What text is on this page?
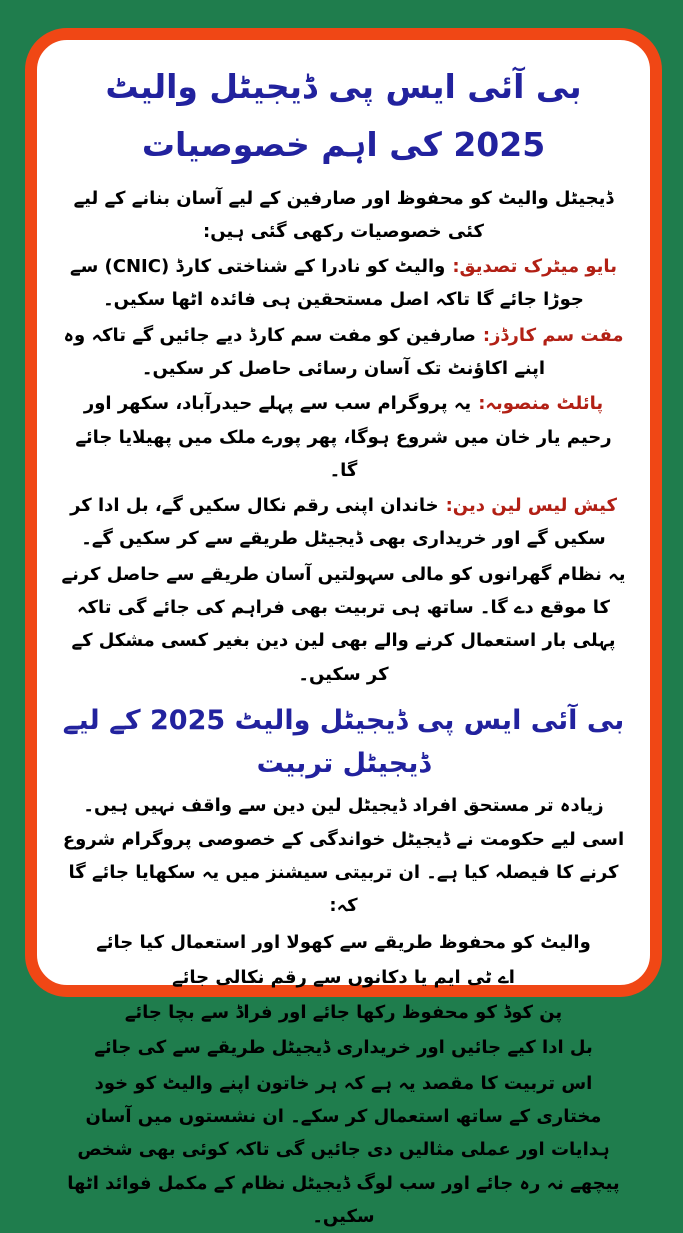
بی آئی ایس پی ڈیجیٹل والیٹ 2025 کی اہم خصوصیات

ڈیجیٹل والیٹ کو محفوظ اور صارفین کے لیے آسان بنانے کے لیے کئی خصوصیات رکھی گئی ہیں:

بایو میٹرک تصدیق:والیٹ کو نادرا کے شناختی کارڈ (CNIC) سے جوڑا جائے گا تاکہ اصل مستحقین ہی فائدہ اٹھا سکیں۔

مفت سم کارڈز:صارفین کو مفت سم کارڈ دیے جائیں گے تاکہ وہ اپنے اکاؤنٹ تک آسان رسائی حاصل کر سکیں۔

پائلٹ منصوبہ:یہ پروگرام سب سے پہلے حیدرآباد، سکھر اور رحیم یار خان میں شروع ہوگا، پھر پورے ملک میں پھیلایا جائے گا۔

کیش لیس لین دین:خاندان اپنی رقم نکال سکیں گے، بل ادا کر سکیں گے اور خریداری بھی ڈیجیٹل طریقے سے کر سکیں گے۔

یہ نظام گھرانوں کو مالی سہولتیں آسان طریقے سے حاصل کرنے کا موقع دے گا۔ ساتھ ہی تربیت بھی فراہم کی جائے گی تاکہ پہلی بار استعمال کرنے والے بھی لین دین بغیر کسی مشکل کے کر سکیں۔

بی آئی ایس پی ڈیجیٹل والیٹ 2025 کے لیے ڈیجیٹل تربیت

زیادہ تر مستحق افراد ڈیجیٹل لین دین سے واقف نہیں ہیں۔ اسی لیے حکومت نے ڈیجیٹل خواندگی کے خصوصی پروگرام شروع کرنے کا فیصلہ کیا ہے۔ ان تربیتی سیشنز میں یہ سکھایا جائے گا کہ:

والیٹ کو محفوظ طریقے سے کھولا اور استعمال کیا جائے
اے ٹی ایم یا دکانوں سے رقم نکالی جائے
پن کوڈ کو محفوظ رکھا جائے اور فراڈ سے بچا جائے
بل ادا کیے جائیں اور خریداری ڈیجیٹل طریقے سے کی جائے

اس تربیت کا مقصد یہ ہے کہ ہر خاتون اپنے والیٹ کو خود مختاری کے ساتھ استعمال کر سکے۔ ان نشستوں میں آسان ہدایات اور عملی مثالیں دی جائیں گی تاکہ کوئی بھی شخص پیچھے نہ رہ جائے اور سب لوگ ڈیجیٹل نظام کے مکمل فوائد اٹھا سکیں۔
